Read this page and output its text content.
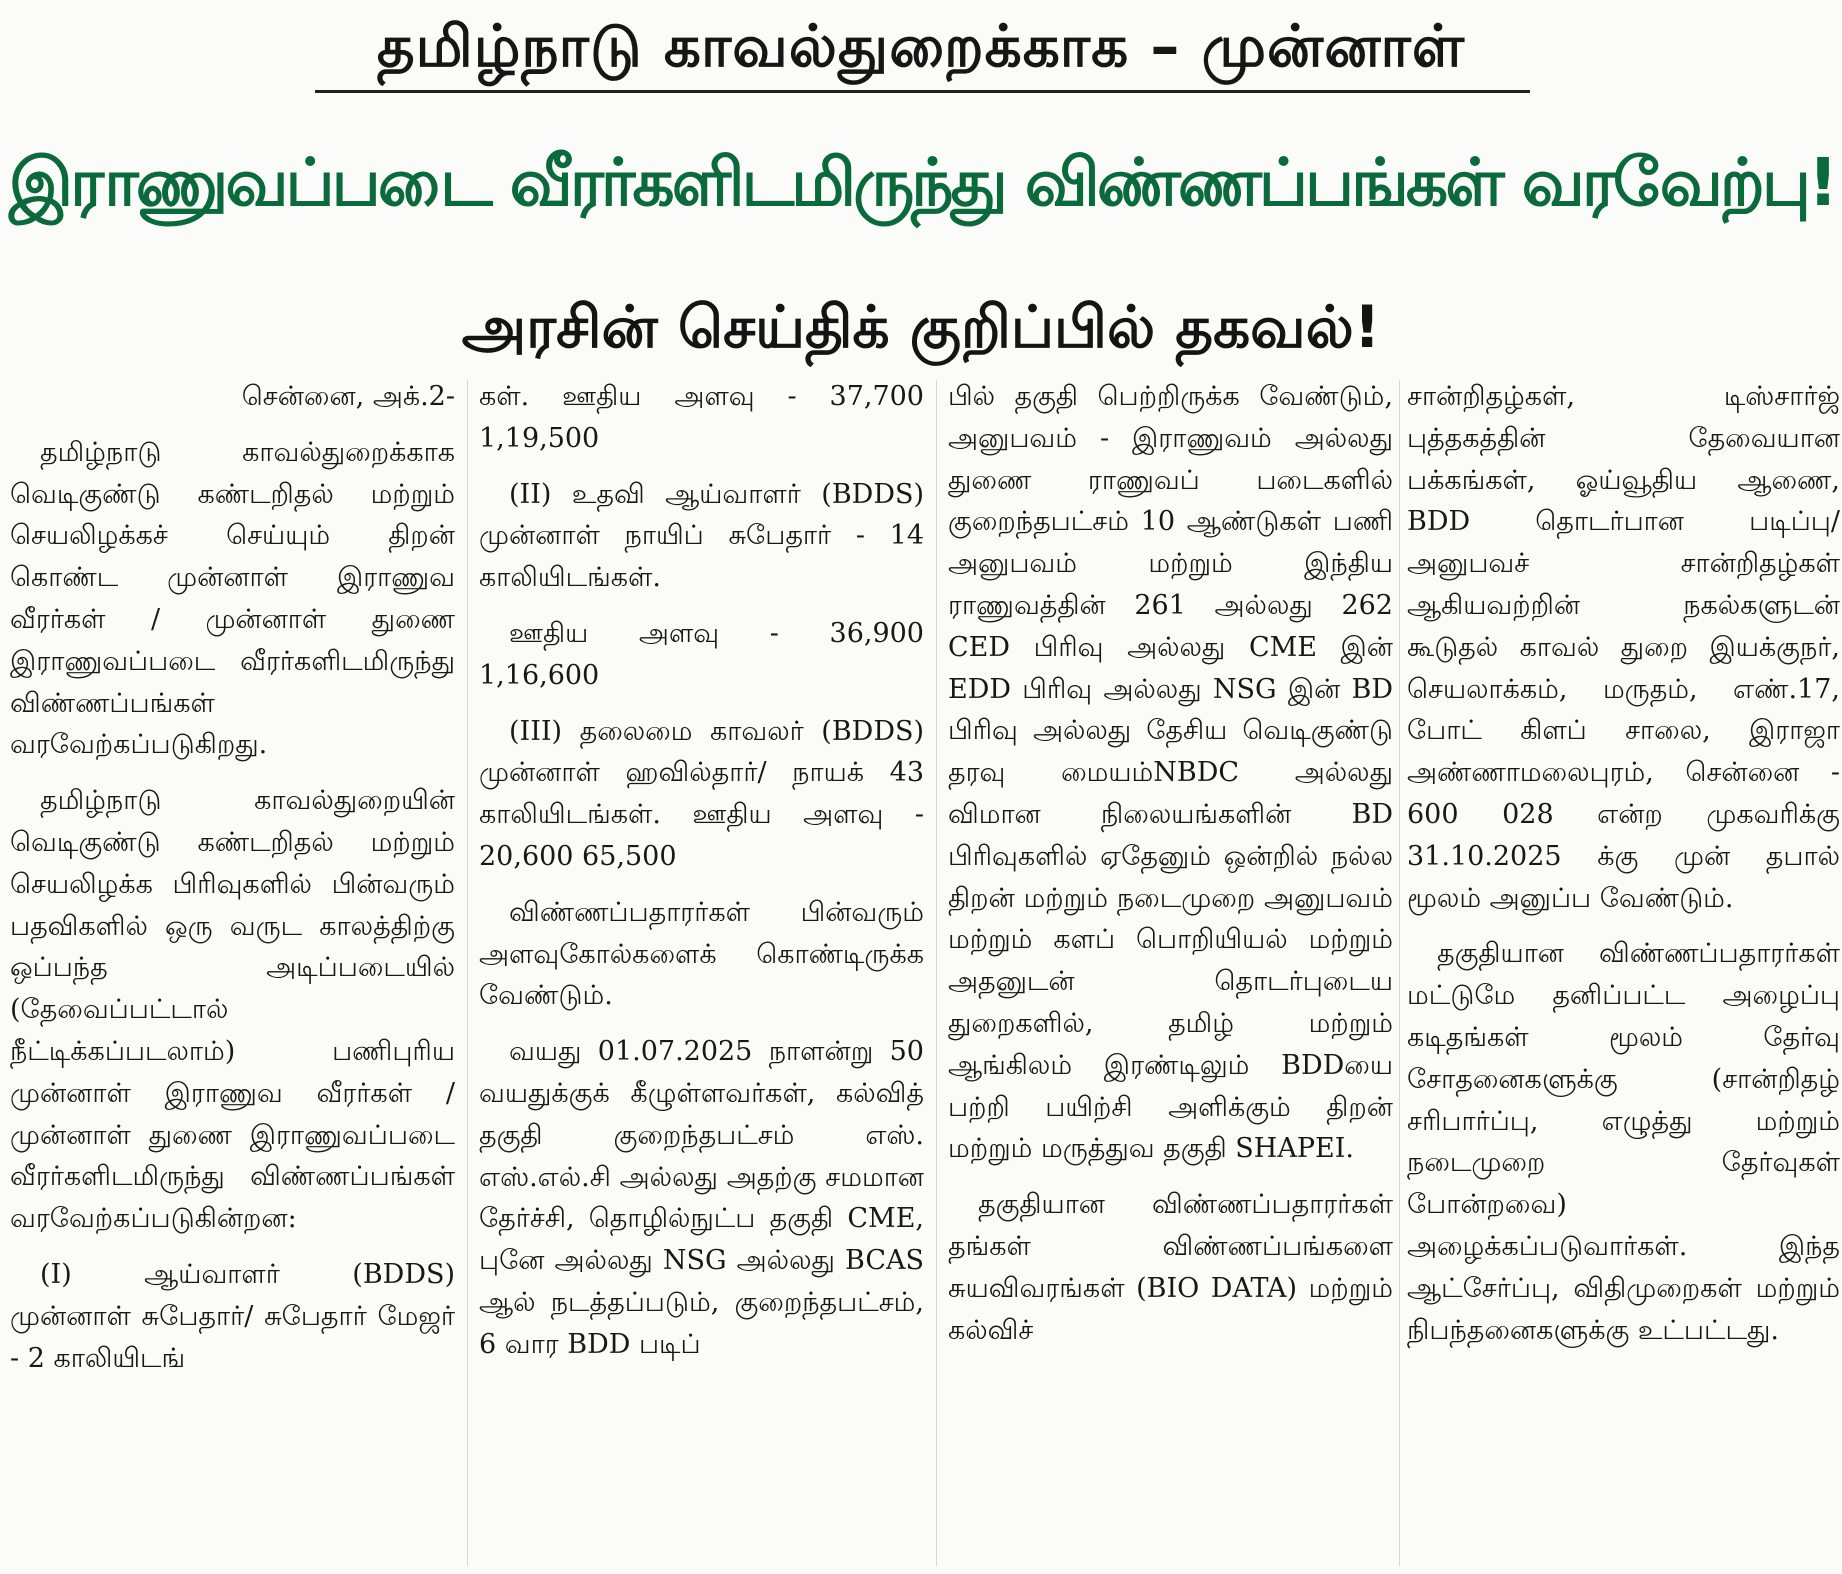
தமிழ்நாடு காவல்துறைக்காக – முன்னாள்
இராணுவப்படை வீரர்களிடமிருந்து விண்ணப்பங்கள் வரவேற்பு!
அரசின் செய்திக் குறிப்பில் தகவல்!

சென்னை, அக்.2-

தமிழ்நாடு காவல்துறைக்காக வெடிகுண்டு கண்டறிதல் மற்றும் செயலிழக்கச் செய்யும் திறன் கொண்ட முன்னாள் இராணுவ வீரர்கள் / முன்னாள் துணை இராணுவப்படை வீரர்களிடமிருந்து விண்ணப்பங்கள் வரவேற்கப்படுகிறது.

தமிழ்நாடு காவல்துறையின் வெடிகுண்டு கண்டறிதல் மற்றும் செயலிழக்க பிரிவுகளில் பின்வரும் பதவிகளில் ஒரு வருட காலத்திற்கு ஒப்பந்த அடிப்படையில் (தேவைப்பட்டால் நீட்டிக்கப்படலாம்) பணிபுரிய முன்னாள் இராணுவ வீரர்கள் / முன்னாள் துணை இராணுவப்படை வீரர்களிடமிருந்து விண்ணப்பங்கள் வரவேற்கப்படுகின்றன:

(I) ஆய்வாளர் (BDDS) முன்னாள் சுபேதார்/ சுபேதார் மேஜர் - 2 காலியிடங்

கள். ஊதிய அளவு - 37,700 1,19,500

(II) உதவி ஆய்வாளர் (BDDS) முன்னாள் நாயிப் சுபேதார் - 14 காலியிடங்கள்.

ஊதிய அளவு - 36,900 1,16,600

(III) தலைமை காவலர் (BDDS) முன்னாள் ஹவில்தார்/ நாயக் 43 காலியிடங்கள். ஊதிய அளவு - 20,600 65,500

விண்ணப்பதாரர்கள் பின்வரும் அளவுகோல்களைக் கொண்டிருக்க வேண்டும்.

வயது 01.07.2025 நாளன்று 50 வயதுக்குக் கீழுள்ளவர்கள், கல்வித் தகுதி குறைந்தபட்சம் எஸ். எஸ்.எல்.சி அல்லது அதற்கு சமமான தேர்ச்சி, தொழில்நுட்ப தகுதி CME, புனே அல்லது NSG அல்லது BCAS ஆல் நடத்தப்படும், குறைந்தபட்சம், 6 வார BDD படிப்

பில் தகுதி பெற்றிருக்க வேண்டும், அனுபவம் - இராணுவம் அல்லது துணை ராணுவப் படைகளில் குறைந்தபட்சம் 10 ஆண்டுகள் பணி அனுபவம் மற்றும் இந்திய ராணுவத்தின் 261 அல்லது 262 CED பிரிவு அல்லது CME இன் EDD பிரிவு அல்லது NSG இன் BD பிரிவு அல்லது தேசிய வெடிகுண்டு தரவு மையம்NBDC அல்லது விமான நிலையங்களின் BD பிரிவுகளில் ஏதேனும் ஒன்றில் நல்ல திறன் மற்றும் நடைமுறை அனுபவம் மற்றும் களப் பொறியியல் மற்றும் அதனுடன் தொடர்புடைய துறைகளில், தமிழ் மற்றும் ஆங்கிலம் இரண்டிலும் BDDயை பற்றி பயிற்சி அளிக்கும் திறன் மற்றும் மருத்துவ தகுதி SHAPEI.

தகுதியான விண்ணப்பதாரர்கள் தங்கள் விண்ணப்பங்களை சுயவிவரங்கள் (BIO DATA) மற்றும் கல்விச்

சான்றிதழ்கள், டிஸ்சார்ஜ் புத்தகத்தின் தேவையான பக்கங்கள், ஓய்வூதிய ஆணை, BDD தொடர்பான படிப்பு/அனுபவச் சான்றிதழ்கள் ஆகியவற்றின் நகல்களுடன் கூடுதல் காவல் துறை இயக்குநர், செயலாக்கம், மருதம், எண்.17, போட் கிளப் சாலை, இராஜா அண்ணாமலைபுரம், சென்னை - 600 028 என்ற முகவரிக்கு 31.10.2025 க்கு முன் தபால் மூலம் அனுப்ப வேண்டும்.

தகுதியான விண்ணப்பதாரர்கள் மட்டுமே தனிப்பட்ட அழைப்பு கடிதங்கள் மூலம் தேர்வு சோதனைகளுக்கு (சான்றிதழ் சரிபார்ப்பு, எழுத்து மற்றும் நடைமுறை தேர்வுகள் போன்றவை) அழைக்கப்படுவார்கள். இந்த ஆட்சேர்ப்பு, விதிமுறைகள் மற்றும் நிபந்தனைகளுக்கு உட்பட்டது.
